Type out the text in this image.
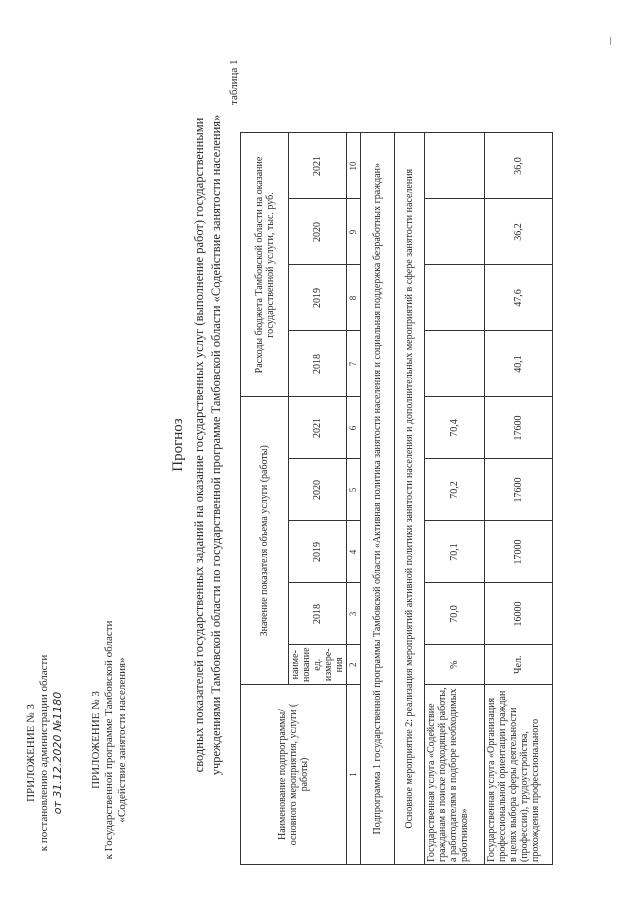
ПРИЛОЖЕНИЕ № 3 к постановлению администрации области от 31.12.2020 №1180 ПРИЛОЖЕНИЕ № 3 к Государственной программе Тамбовской области «Содействие занятости населения»
Прогноз сводных показателей государственных заданий на оказание государственных услуг (выполнение работ) государственными учреждениями Тамбовской области по государственной программе Тамбовской области «Содействие занятости населения»
таблица 1
Наименование подпрограммы/ основного мероприятия, услуги ( работы)	Значение показателя объема услуги (работы)					Расходы бюджета Тамбовской области на оказание государственной услуги, тыс. руб.			
	наиме-нование ед. измере-ния	2018	2019	2020	2021	2018	2019	2020	2021
1	2	3	4	5	6	7	8	9	10
Подпрограмма 1 государственной программы Тамбовской области «Активная политика занятости населения и социальная поддержка безработных граждан»									
Основное мероприятие 2: реализация мероприятий активной политики занятости населения и дополнительных мероприятий в сфере занятости населения									
Государственная услуга «Содействие гражданам в поиске подходящей работы, а работодателям в подборе необходимых работников»	%	70,0	70,1	70,2	70,4				
Государственная услуга «Организация профессиональной ориентации граждан в целях выбора сферы деятельности (профессии), трудоустройства, прохождения профессионального	Чел.	16000	17000	17600	17600	40,1	47,6	36,2	36,0
